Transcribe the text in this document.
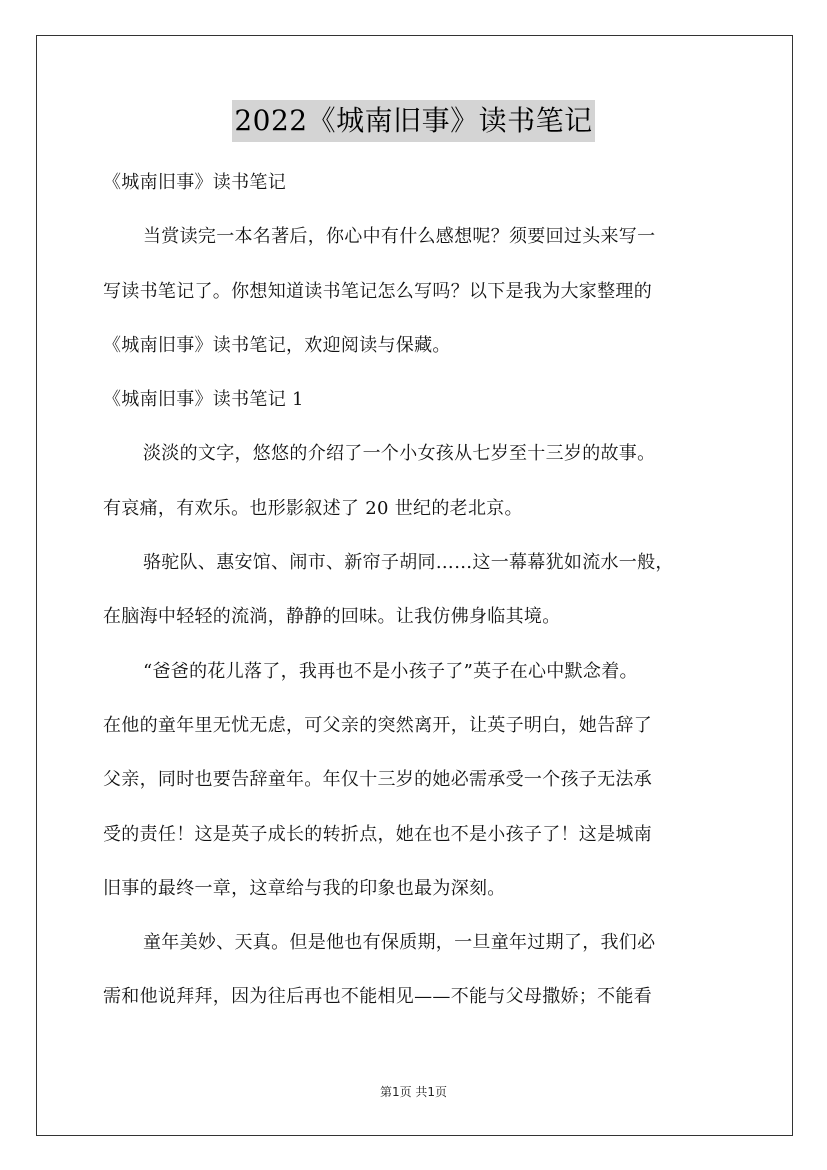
2022《城南旧事》读书笔记
《城南旧事》读书笔记
当赏读完一本名著后，你心中有什么感想呢？须要回过头来写一
写读书笔记了。你想知道读书笔记怎么写吗？以下是我为大家整理的
《城南旧事》读书笔记，欢迎阅读与保藏。
《城南旧事》读书笔记 1
淡淡的文字，悠悠的介绍了一个小女孩从七岁至十三岁的故事。
有哀痛，有欢乐。也形影叙述了 20 世纪的老北京。
骆驼队、惠安馆、闹市、新帘子胡同……这一幕幕犹如流水一般，
在脑海中轻轻的流淌，静静的回味。让我仿佛身临其境。
“爸爸的花儿落了，我再也不是小孩子了”英子在心中默念着。
在他的童年里无忧无虑，可父亲的突然离开，让英子明白，她告辞了
父亲，同时也要告辞童年。年仅十三岁的她必需承受一个孩子无法承
受的责任！这是英子成长的转折点，她在也不是小孩子了！这是城南
旧事的最终一章，这章给与我的印象也最为深刻。
童年美妙、天真。但是他也有保质期，一旦童年过期了，我们必
需和他说拜拜，因为往后再也不能相见——不能与父母撒娇；不能看
第1页 共1页
